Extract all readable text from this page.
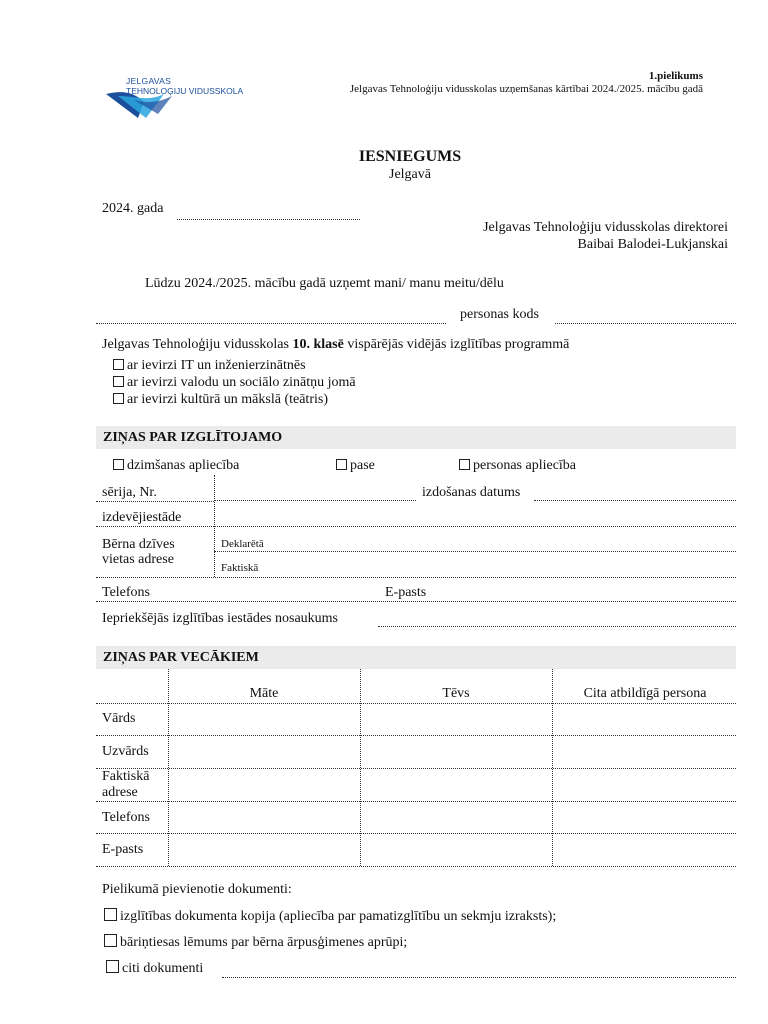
JELGAVAS
TEHNOLOĢIJU VIDUSSKOLA
1.pielikums
Jelgavas Tehnoloģiju vidusskolas uzņemšanas kārtībai 2024./2025. mācību gadā
IESNIEGUMS
Jelgavā
2024. gada
Jelgavas Tehnoloģiju vidusskolas direktorei
Baibai Balodei-Lukjanskai
Lūdzu 2024./2025. mācību gadā uzņemt mani/ manu meitu/dēlu
personas kods
Jelgavas Tehnoloģiju vidusskolas 10. klasē vispārējās vidējās izglītības programmā
ar ievirzi IT un inženierzinātnēs
ar ievirzi valodu un sociālo zinātņu jomā
ar ievirzi kultūrā un mākslā (teātris)
ZIŅAS PAR IZGLĪTOJAMO
dzimšanas apliecība	pase	personas apliecība
sērija, Nr.	izdošanas datums
izdevējiestāde
Bērna dzīves
vietas adrese
Deklarētā
Faktiskā
Telefons	E-pasts
Iepriekšējās izglītības iestādes nosaukums
ZIŅAS PAR VECĀKIEM
Māte	Tēvs	Cita atbildīgā persona
Vārds
Uzvārds
Faktiskā adrese
Telefons
E-pasts
Pielikumā pievienotie dokumenti:
izglītības dokumenta kopija (apliecība par pamatizglītību un sekmju izraksts);
bāriņtiesas lēmums par bērna ārpusģimenes aprūpi;
citi dokumenti
